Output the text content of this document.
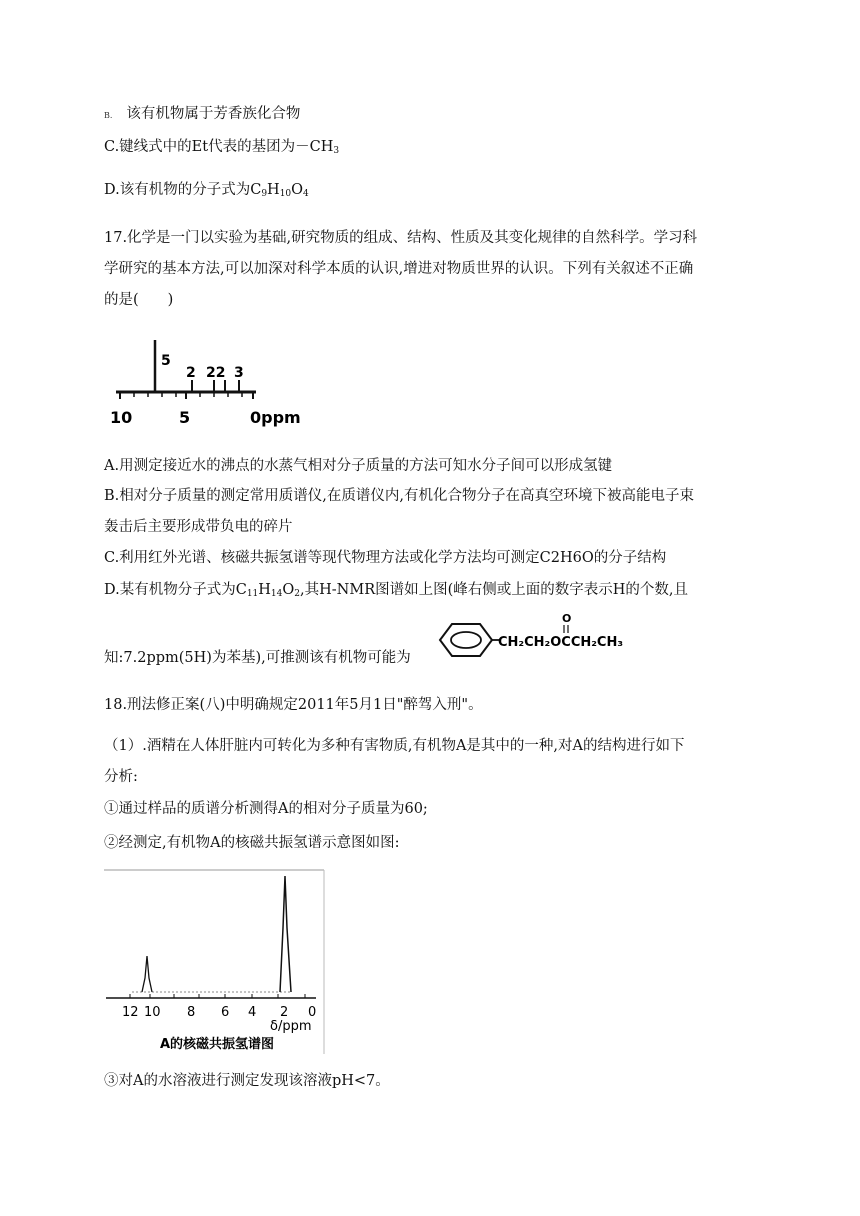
B. 该有机物属于芳香族化合物
C.键线式中的Et代表的基团为$-CH_3$
D.该有机物的分子式为$C_9H_{10}O_4$
17.化学是一门以实验为基础,研究物质的组成、结构、性质及其变化规律的自然科学。学习科
学研究的基本方法,可以加深对科学本质的认识,增进对物质世界的认识。下列有关叙述不正确
的是(　　)
5
2 22 3
10	5	0ppm
A.用测定接近水的沸点的水蒸气相对分子质量的方法可知水分子间可以形成氢键
B.相对分子质量的测定常用质谱仪,在质谱仪内,有机化合物分子在高真空环境下被高能电子束
轰击后主要形成带负电的碎片
C.利用红外光谱、核磁共振氢谱等现代物理方法或化学方法均可测定C2H6O的分子结构
D.某有机物分子式为$C_{11}H_{14}O_2$,其H-NMR图谱如上图(峰右侧或上面的数字表示H的个数,且
知:7.2ppm(5H)为苯基),可推测该有机物可能为
CH₂CH₂OCCH₂CH₃
O
18.刑法修正案(八)中明确规定2011年5月1日"醉驾入刑"。
（1）.酒精在人体肝脏内可转化为多种有害物质,有机物A是其中的一种,对A的结构进行如下
分析:
①通过样品的质谱分析测得A的相对分子质量为60;
②经测定,有机物A的核磁共振氢谱示意图如图:
12 10 8 6 4 2 0
δ/ppm
A的核磁共振氢谱图
③对A的水溶液进行测定发现该溶液pH<7。
